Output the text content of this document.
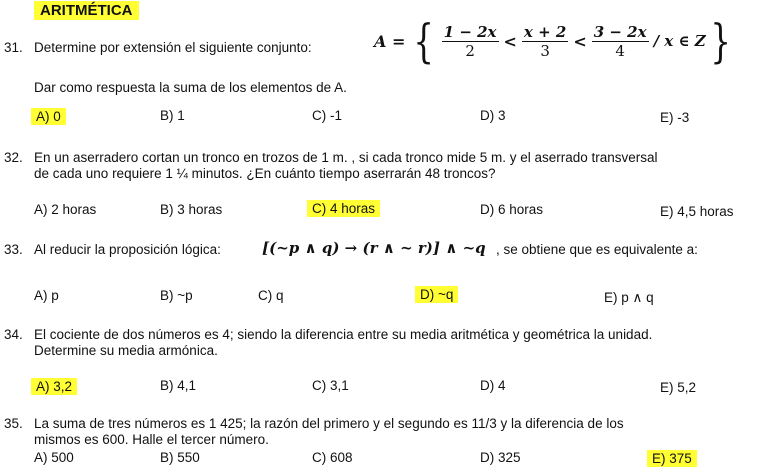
ARITMÉTICA
31. Determine por extensión el siguiente conjunto:	A = { $\frac{1 - 2x}{2} < \frac{x + 2}{3} < \frac{3 - 2x}{4} / x$ ∈ Z }
Dar como respuesta la suma de los elementos de A.
A) 0	B) 1	C) -1	D) 3	E) -3
32. En un aserradero cortan un tronco en trozos de 1 m. , si cada tronco mide 5 m. y el aserrado transversal
de cada uno requiere 1 ¼ minutos. ¿En cuánto tiempo aserrarán 48 troncos?
A) 2 horas	B) 3 horas	C) 4 horas	D) 6 horas	E) 4,5 horas
33. Al reducir la proposición lógica:	[(~p ∧ q) → (r ∧ ~ r)] ∧ ~q , se obtiene que es equivalente a:
A) p	B) ~p	C) q	D) ~q	E) p ∧ q
34. El cociente de dos números es 4; siendo la diferencia entre su media aritmética y geométrica la unidad.
Determine su media armónica.
A) 3,2	B) 4,1	C) 3,1	D) 4	E) 5,2
35. La suma de tres números es 1 425; la razón del primero y el segundo es 11/3 y la diferencia de los
mismos es 600. Halle el tercer número.
A) 500	B) 550	C) 608	D) 325	E) 375
